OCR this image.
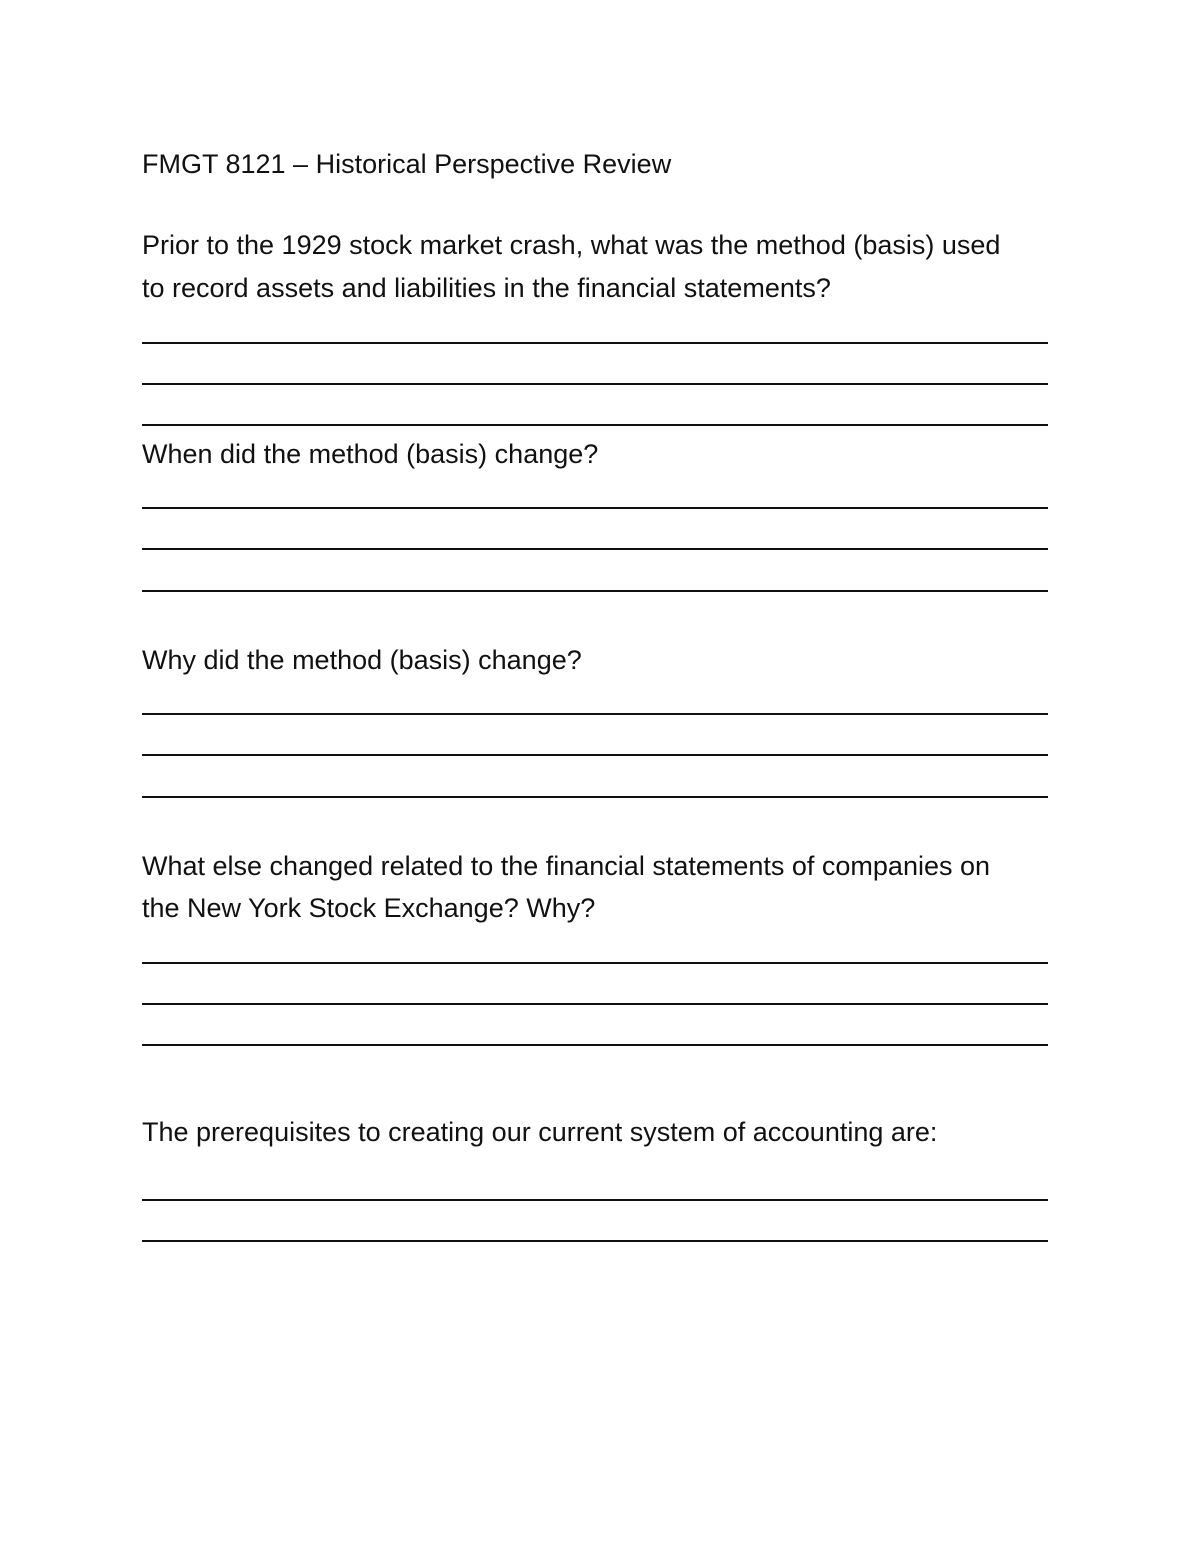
FMGT 8121 – Historical Perspective Review

Prior to the 1929 stock market crash, what was the method (basis) used

to record assets and liabilities in the financial statements?

When did the method (basis) change?

Why did the method (basis) change?

What else changed related to the financial statements of companies on

the New York Stock Exchange? Why?

The prerequisites to creating our current system of accounting are:
